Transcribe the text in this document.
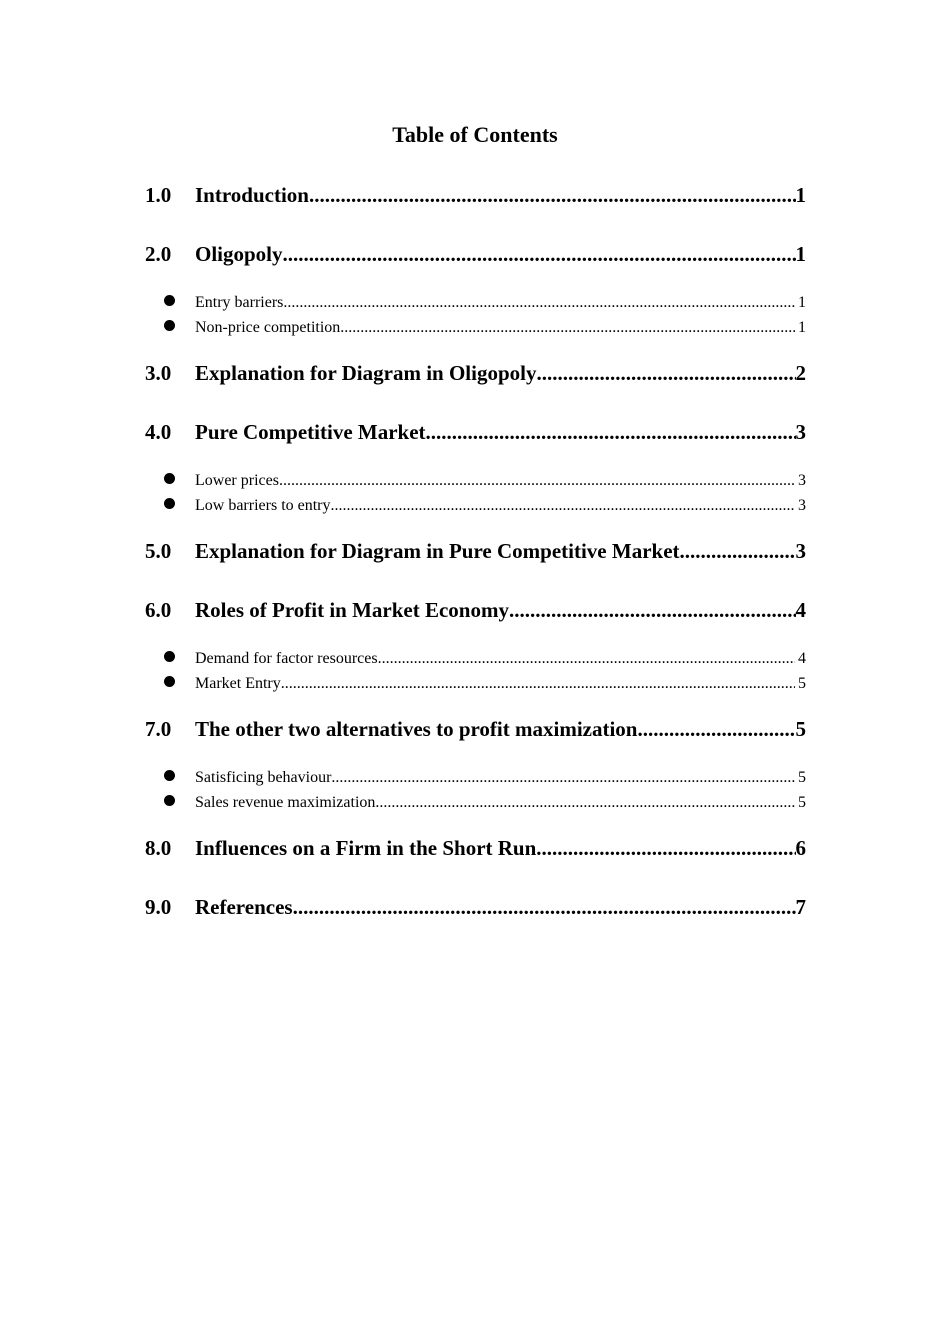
Table of Contents
1.0	Introduction .....	1
2.0	Oligopoly .....	1
Entry barriers .....	1
Non-price competition .....	1
3.0	Explanation for Diagram in Oligopoly .....	2
4.0	Pure Competitive Market .....	3
Lower prices .....	3
Low barriers to entry .....	3
5.0	Explanation for Diagram in Pure Competitive Market .....	3
6.0	Roles of Profit in Market Economy .....	4
Demand for factor resources .....	4
Market Entry .....	5
7.0	The other two alternatives to profit maximization .....	5
Satisficing behaviour .....	5
Sales revenue maximization .....	5
8.0	Influences on a Firm in the Short Run .....	6
9.0	References .....	7
